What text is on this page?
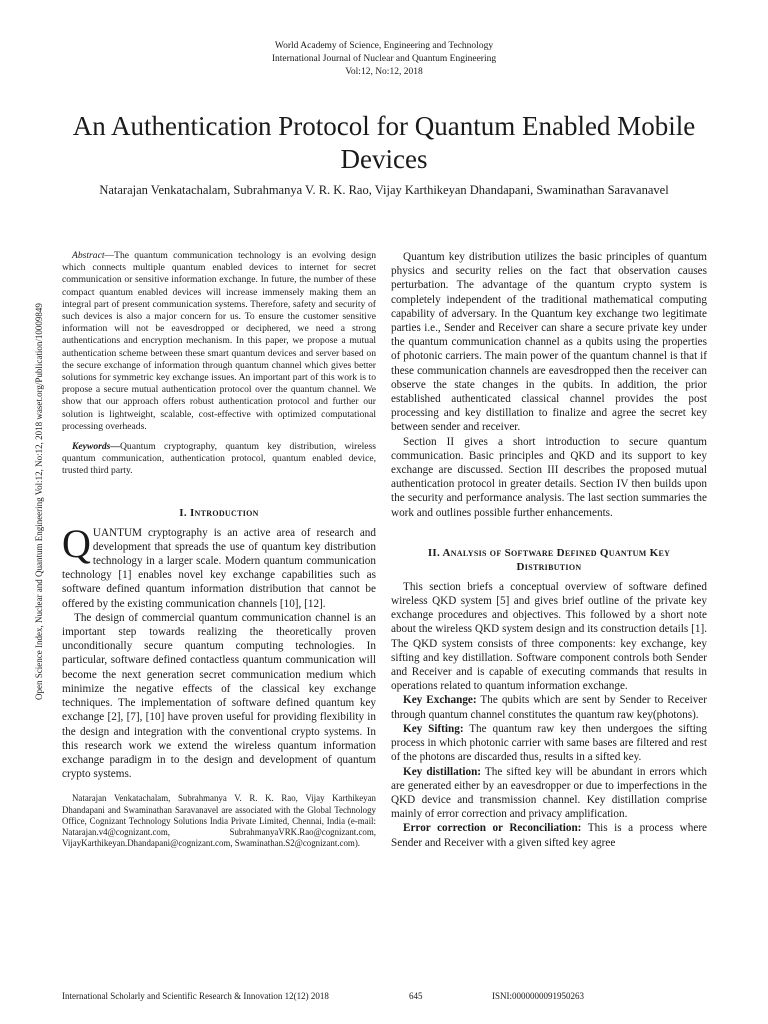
World Academy of Science, Engineering and Technology
International Journal of Nuclear and Quantum Engineering
Vol:12, No:12, 2018
An Authentication Protocol for Quantum Enabled Mobile Devices
Natarajan Venkatachalam, Subrahmanya V. R. K. Rao, Vijay Karthikeyan Dhandapani, Swaminathan Saravanavel
Open Science Index, Nuclear and Quantum Engineering Vol:12, No:12, 2018 waset.org/Publication/10009849

Abstract—The quantum communication technology is an evolving design which connects multiple quantum enabled devices to internet for secret communication or sensitive information exchange. In future, the number of these compact quantum enabled devices will increase immensely making them an integral part of present communication systems. Therefore, safety and security of such devices is also a major concern for us. To ensure the customer sensitive information will not be eavesdropped or deciphered, we need a strong authentications and encryption mechanism. In this paper, we propose a mutual authentication scheme between these smart quantum devices and server based on the secure exchange of information through quantum channel which gives better solutions for symmetric key exchange issues. An important part of this work is to propose a secure mutual authentication protocol over the quantum channel. We show that our approach offers robust authentication protocol and further our solution is lightweight, scalable, cost-effective with optimized computational processing overheads.

Keywords—Quantum cryptography, quantum key distribution, wireless quantum communication, authentication protocol, quantum enabled device, trusted third party.

I. Introduction

QUANTUM cryptography is an active area of research and development that spreads the use of quantum key distribution technology in a larger scale. Modern quantum communication technology [1] enables novel key exchange capabilities such as software defined quantum information distribution that cannot be offered by the existing communication channels [10], [12].

The design of commercial quantum communication channel is an important step towards realizing the theoretically proven unconditionally secure quantum computing technologies. In particular, software defined contactless quantum communication will become the next generation secret communication medium which minimize the negative effects of the classical key exchange techniques. The implementation of software defined quantum key exchange [2], [7], [10] have proven useful for providing flexibility in the design and integration with the conventional crypto systems. In this research work we extend the wireless quantum information exchange paradigm in to the design and development of quantum crypto systems.

Natarajan Venkatachalam, Subrahmanya V. R. K. Rao, Vijay Karthikeyan Dhandapani and Swaminathan Saravanavel are associated with the Global Technology Office, Cognizant Technology Solutions India Private Limited, Chennai, India (e-mail: Natarajan.v4@cognizant.com, SubrahmanyaVRK.Rao@cognizant.com, VijayKarthikeyan.Dhandapani@cognizant.com, Swaminathan.S2@cognizant.com).

Quantum key distribution utilizes the basic principles of quantum physics and security relies on the fact that observation causes perturbation. The advantage of the quantum crypto system is completely independent of the traditional mathematical computing capability of adversary. In the Quantum key exchange two legitimate parties i.e., Sender and Receiver can share a secure private key under the quantum communication channel as a qubits using the properties of photonic carriers. The main power of the quantum channel is that if these communication channels are eavesdropped then the receiver can observe the state changes in the qubits. In addition, the prior established authenticated classical channel provides the post processing and key distillation to finalize and agree the secret key between sender and receiver.

Section II gives a short introduction to secure quantum communication. Basic principles and QKD and its support to key exchange are discussed. Section III describes the proposed mutual authentication protocol in greater details. Section IV then builds upon the security and performance analysis. The last section summaries the work and outlines possible further enhancements.

II. Analysis of Software Defined Quantum Key Distribution

This section briefs a conceptual overview of software defined wireless QKD system [5] and gives brief outline of the private key exchange procedures and objectives. This followed by a short note about the wireless QKD system design and its construction details [1]. The QKD system consists of three components: key exchange, key sifting and key distillation. Software component controls both Sender and Receiver and is capable of executing commands that results in operations related to quantum information exchange.

Key Exchange: The qubits which are sent by Sender to Receiver through quantum channel constitutes the quantum raw key(photons).

Key Sifting: The quantum raw key then undergoes the sifting process in which photonic carrier with same bases are filtered and rest of the photons are discarded thus, results in a sifted key.

Key distillation: The sifted key will be abundant in errors which are generated either by an eavesdropper or due to imperfections in the QKD device and transmission channel. Key distillation comprise mainly of error correction and privacy amplification.

Error correction or Reconciliation: This is a process where Sender and Receiver with a given sifted key agree

International Scholarly and Scientific Research & Innovation 12(12) 2018	645	ISNI:0000000091950263
